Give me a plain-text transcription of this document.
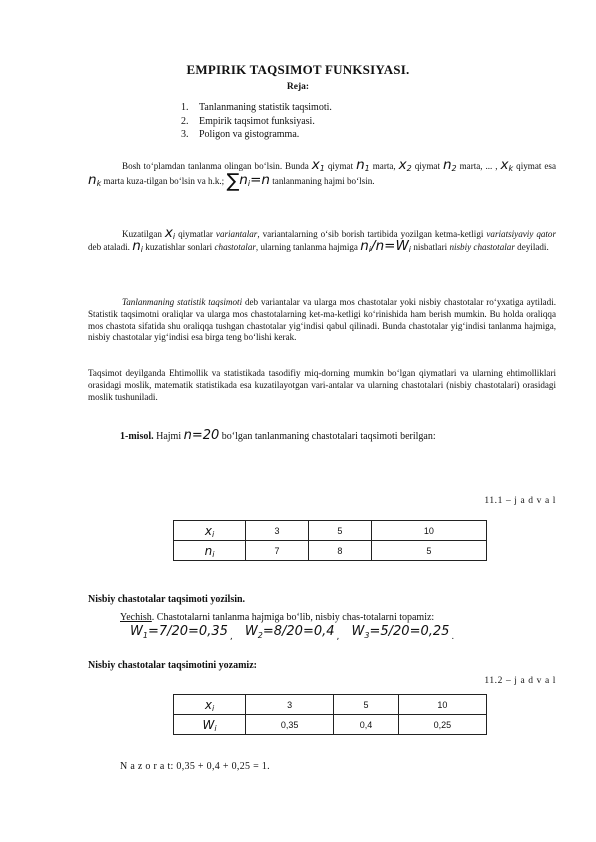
EMPIRIK TAQSIMOT FUNKSIYASI.
Reja:
1. Tanlanmaning statistik taqsimoti.
2. Empirik taqsimot funksiyasi.
3. Poligon va gistogramma.

Bosh to‘plamdan tanlanma olingan bo‘lsin. Bunda x1 qiymat n1 marta, x2 qiymat n2 marta, ... , xk qiymat esa nk marta kuza-tilgan bo‘lsin va h.k.; ∑ni=n tanlanmaning hajmi bo‘lsin.

Kuzatilgan xi qiymatlar variantalar, variantalarning o‘sib borish tartibida yozilgan ketma-ketligi variatsiyaviy qator deb ataladi. ni kuzatishlar sonlari chastotalar, ularning tanlanma hajmiga ni/n=Wi nisbatlari nisbiy chastotalar deyiladi.

Tanlanmaning statistik taqsimoti deb variantalar va ularga mos chastotalar yoki nisbiy chastotalar ro‘yxatiga aytiladi. Statistik taqsimotni oraliqlar va ularga mos chastotalarning ket-ma-ketligi ko‘rinishida ham berish mumkin. Bu holda oraliqqa mos chastota sifatida shu oraliqqa tushgan chastotalar yig‘indisi qabul qilinadi. Bunda chastotalar yig‘indisi tanlanma hajmiga, nisbiy chastotalar yig‘indisi esa birga teng bo‘lishi kerak.

Taqsimot deyilganda Ehtimollik va statistikada tasodifiy miq-dorning mumkin bo‘lgan qiymatlari va ularning ehtimolliklari orasidagi moslik, matematik statistikada esa kuzatilayotgan vari-antalar va ularning chastotalari (nisbiy chastotalari) orasidagi moslik tushuniladi.

1-misol. Hajmi n=20 bo‘lgan tanlanmaning chastotalari taqsimoti berilgan:
11.1 – j a d v a l
xi	3	5	10
ni	7	8	5
Nisbiy chastotalar taqsimoti yozilsin.
Yechish. Chastotalarni tanlanma hajmiga bo‘lib, nisbiy chas-totalarni topamiz:
$W_1=7/20=0,35$ $_,$ $W_2=8/20=0,4$ $_,$ $W_3=5/20=0,25$ $_.$
Nisbiy chastotalar taqsimotini yozamiz:
11.2 – j a d v a l
xi	3	5	10
Wi	0,35	0,4	0,25
N a z o r a t: 0,35 + 0,4 + 0,25 = 1.
